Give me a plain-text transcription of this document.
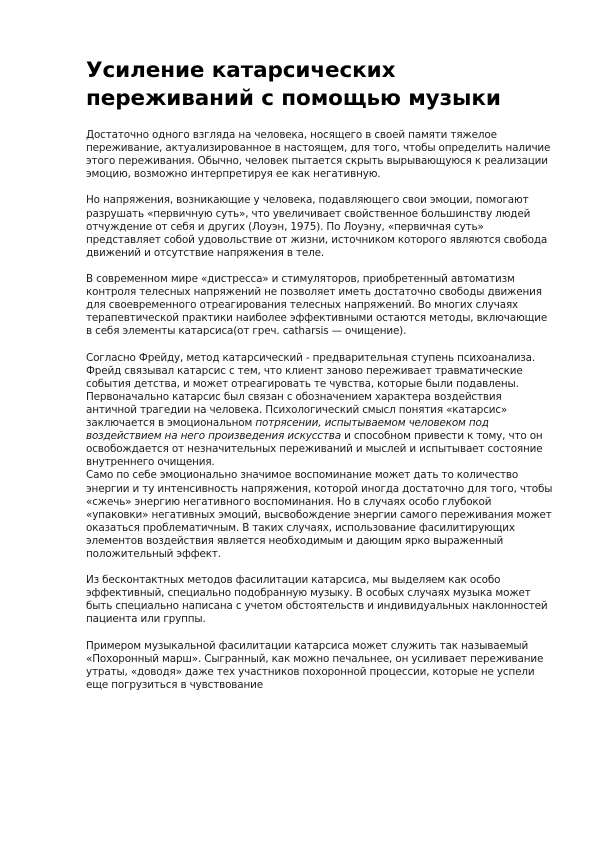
Усиление катарсических
переживаний с помощью музыки

Достаточно одного взгляда на человека, носящего в своей памяти тяжелое переживание, актуализированное в настоящем, для того, чтобы определить наличие этого переживания. Обычно, человек пытается скрыть вырывающуюся к реализации эмоцию, возможно интерпретируя ее как негативную.

Но напряжения, возникающие у человека, подавляющего свои эмоции, помогают разрушать «первичную суть», что увеличивает свойственное большинству людей отчуждение от себя и других (Лоуэн, 1975). По Лоуэну, «первичная суть» представляет собой удовольствие от жизни, источником которого являются свобода движений и отсутствие напряжения в теле.

В современном мире «дистресса» и стимуляторов, приобретенный автоматизм контроля телесных напряжений не позволяет иметь достаточно свободы движения для своевременного отреагирования телесных напряжений. Во многих случаях терапевтической практики наиболее эффективными остаются методы, включающие в себя элементы катарсиса(от греч. catharsis — очищение).

Согласно Фрейду, метод катарсический - предварительная ступень психоанализа. Фрейд связывал катарсис с тем, что клиент заново переживает травматические события детства, и может отреагировать те чувства, которые были подавлены. Первоначально катарсис был связан с обозначением характера воздействия античной трагедии на человека. Психологический смысл понятия «катарсис» заключается в эмоциональном потрясении, испытываемом человеком под воздействием на него произведения искусства и способном привести к тому, что он освобождается от незначительных переживаний и мыслей и испытывает состояние внутреннего очищения.

Само по себе эмоционально значимое воспоминание может дать то количество энергии и ту интенсивность напряжения, которой иногда достаточно для того, чтобы «сжечь» энергию негативного воспоминания. Но в случаях особо глубокой «упаковки» негативных эмоций, высвобождение энергии самого переживания может оказаться проблематичным. В таких случаях, использование фасилитирующих элементов воздействия является необходимым и дающим ярко выраженный положительный эффект.

Из бесконтактных методов фасилитации катарсиса, мы выделяем как особо эффективный, специально подобранную музыку. В особых случаях музыка может быть специально написана с учетом обстоятельств и индивидуальных наклонностей пациента или группы.

Примером музыкальной фасилитации катарсиса может служить так называемый «Похоронный марш». Сыгранный, как можно печальнее, он усиливает переживание утраты, «доводя» даже тех участников похоронной процессии, которые не успели еще погрузиться в чувствование
